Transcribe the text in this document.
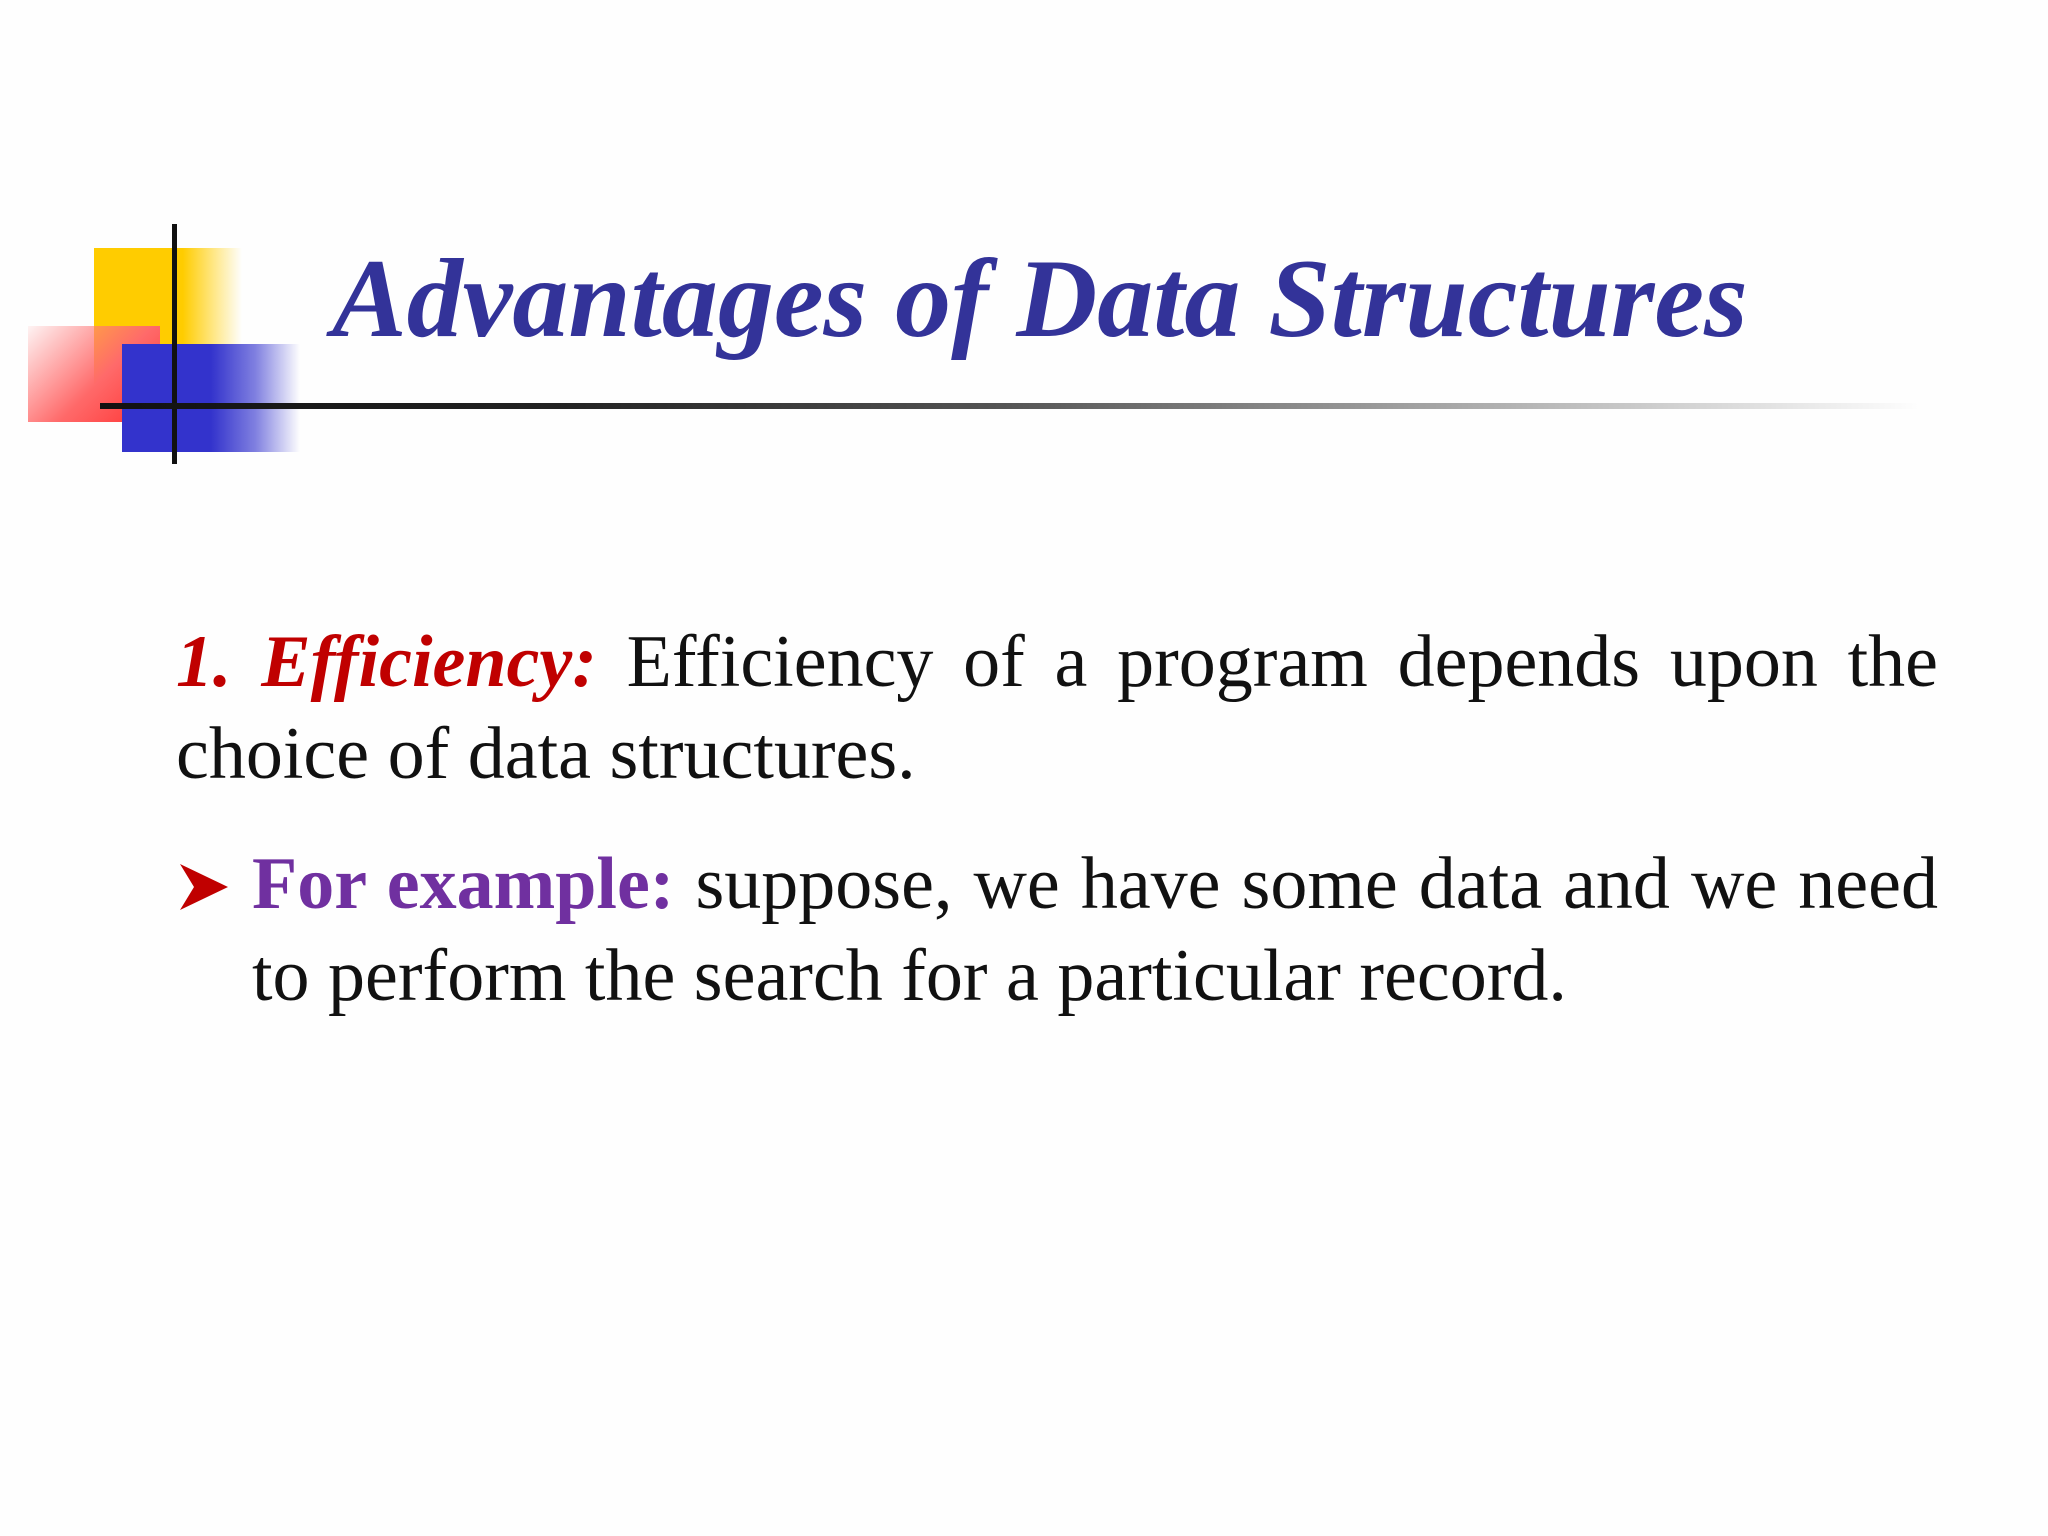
Advantages of Data Structures

1. Efficiency: Efficiency of a program depends upon the choice of data structures.

For example: suppose, we have some data and we need to perform the search for a particular record.
